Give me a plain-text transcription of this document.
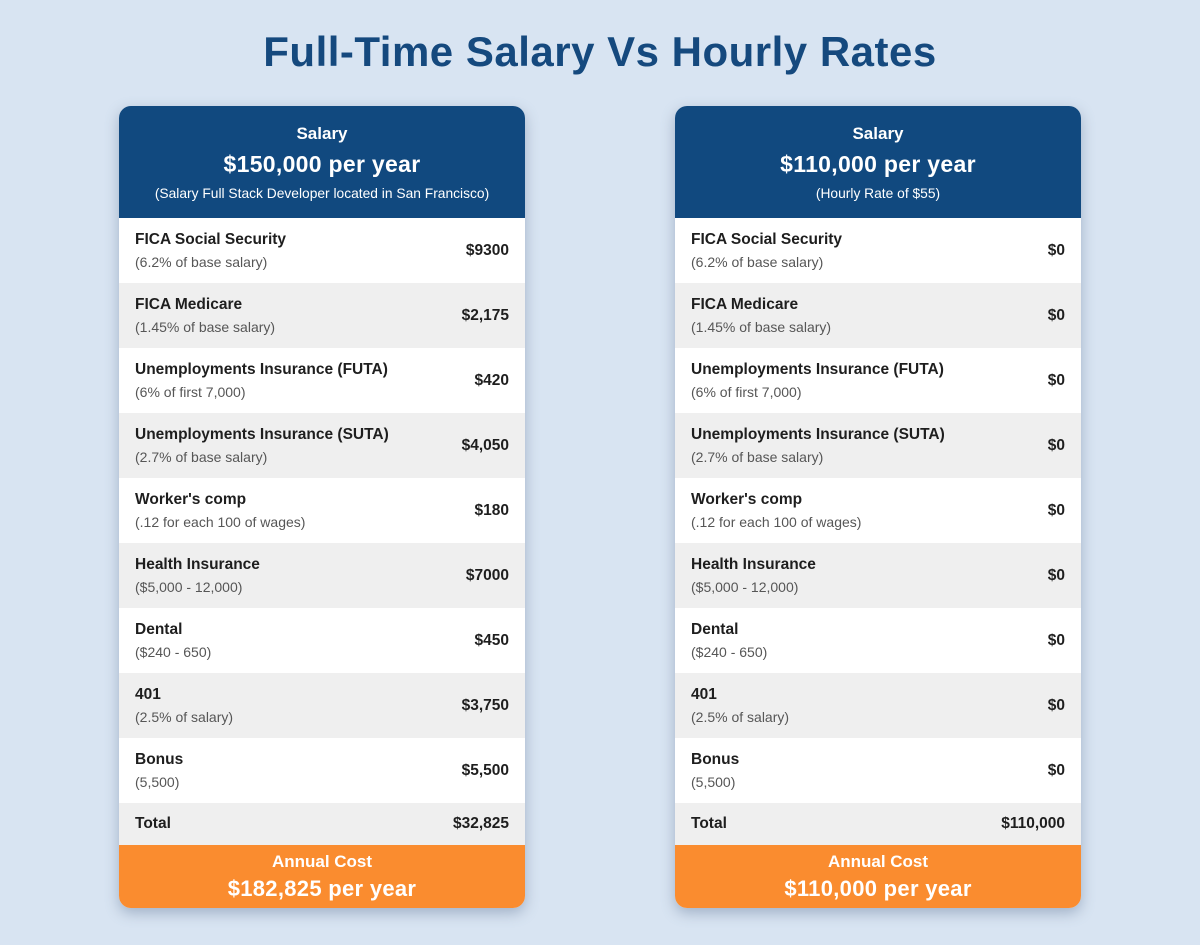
Full-Time Salary Vs Hourly Rates
Salary
$150,000 per year
(Salary Full Stack Developer located in San Francisco)
FICA Social Security
(6.2% of base salary)
$9300
FICA Medicare
(1.45% of base salary)
$2,175
Unemployments Insurance (FUTA)
(6% of first 7,000)
$420
Unemployments Insurance (SUTA)
(2.7% of base salary)
$4,050
Worker's comp
(.12 for each 100 of wages)
$180
Health Insurance
($5,000 - 12,000)
$7000
Dental
($240 - 650)
$450
401
(2.5% of salary)
$3,750
Bonus
(5,500)
$5,500
Total	$32,825
Annual Cost
$182,825 per year
Salary
$110,000 per year
(Hourly Rate of $55)
FICA Social Security
(6.2% of base salary)
$0
FICA Medicare
(1.45% of base salary)
$0
Unemployments Insurance (FUTA)
(6% of first 7,000)
$0
Unemployments Insurance (SUTA)
(2.7% of base salary)
$0
Worker's comp
(.12 for each 100 of wages)
$0
Health Insurance
($5,000 - 12,000)
$0
Dental
($240 - 650)
$0
401
(2.5% of salary)
$0
Bonus
(5,500)
$0
Total	$110,000
Annual Cost
$110,000 per year
